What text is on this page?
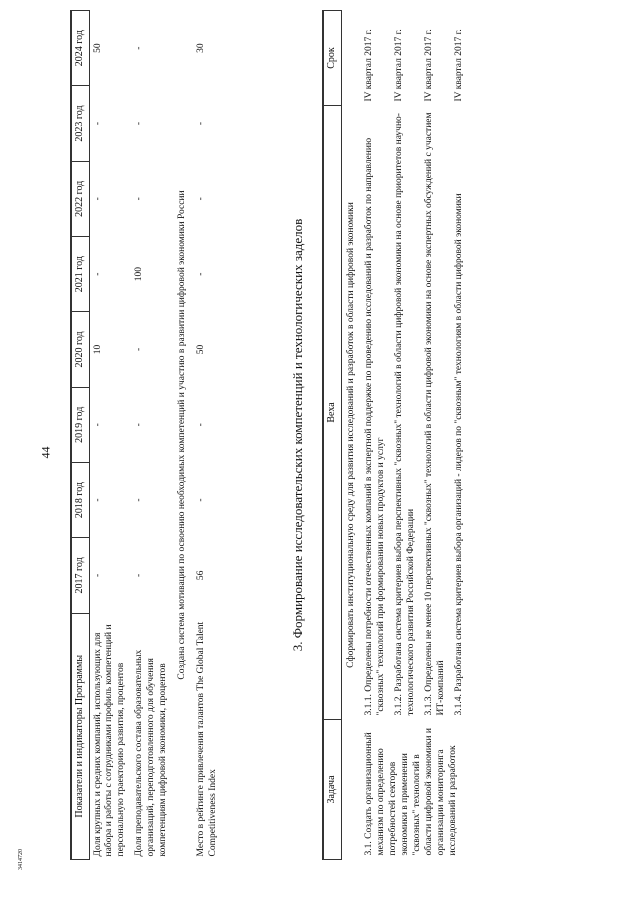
44
3414720
Показатели и индикаторы Программы	2017 год	2018 год	2019 год	2020 год	2021 год	2022 год	2023 год	2024 год
Доля крупных и средних компаний, использующих для набора и работы с сотрудниками профиль компетенций и персональную траекторию развития, процентов	-	-	-	10	-	-	-	50
Доля преподавательского состава образовательных организаций, переподготовленного для обучения компетенциям цифровой экономики, процентов	-	-	-	-	100	-	-	-
Создана система мотивации по освоению необходимых компетенций и участию в развитии цифровой экономики России								
Место в рейтинге привлечения талантов The Global Talent Competitiveness Index	56	-	-	50	-	-	-	30
3. Формирование исследовательских компетенций и технологических заделов
Задача	Веха	Срок
Сформировать институциональную среду для развития исследований и разработок в области цифровой экономики		
3.1. Создать организационный механизм по определению потребностей секторов экономики в применении "сквозных" технологий в области цифровой экономики и организации мониторинга исследований и разработок	3.1.1. Определены потребности отечественных компаний в экспертной поддержке по проведению исследований и разработок по направлению "сквозных" технологий при формировании новых продуктов и услуг	IV квартал 2017 г.
	3.1.2. Разработана система критериев выбора перспективных "сквозных" технологий в области цифровой экономики на основе приоритетов научно-технологического развития Российской Федерации	IV квартал 2017 г.
	3.1.3. Определены не менее 10 перспективных "сквозных" технологий в области цифровой экономики на основе экспертных обсуждений с участием ИТ-компаний	IV квартал 2017 г.
	3.1.4. Разработана система критериев выбора организаций - лидеров по "сквозным" технологиям в области цифровой экономики	IV квартал 2017 г.
